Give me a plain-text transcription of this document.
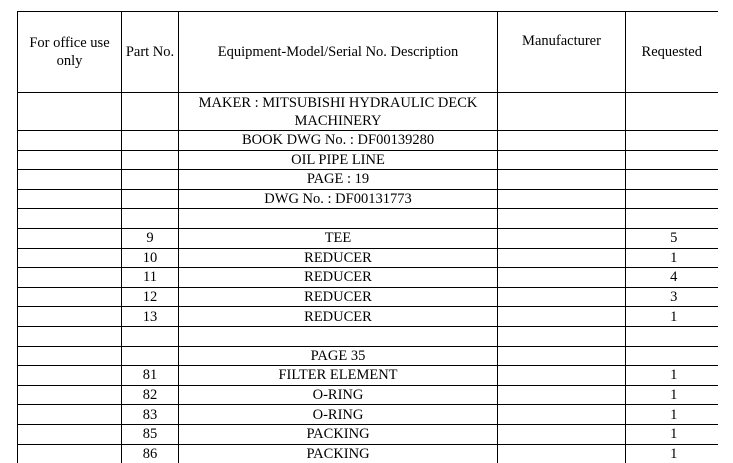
For office use only	Part No.	Equipment-Model/Serial No. Description	Manufacturer	Requested
		MAKER : MITSUBISHI HYDRAULIC DECK MACHINERY		
		BOOK DWG No. : DF00139280		
		OIL PIPE LINE		
		PAGE : 19		
		DWG No. : DF00131773		

	9	TEE		5
	10	REDUCER		1
	11	REDUCER		4
	12	REDUCER		3
	13	REDUCER		1

		PAGE 35		
	81	FILTER ELEMENT		1
	82	O-RING		1
	83	O-RING		1
	85	PACKING		1
	86	PACKING		1
